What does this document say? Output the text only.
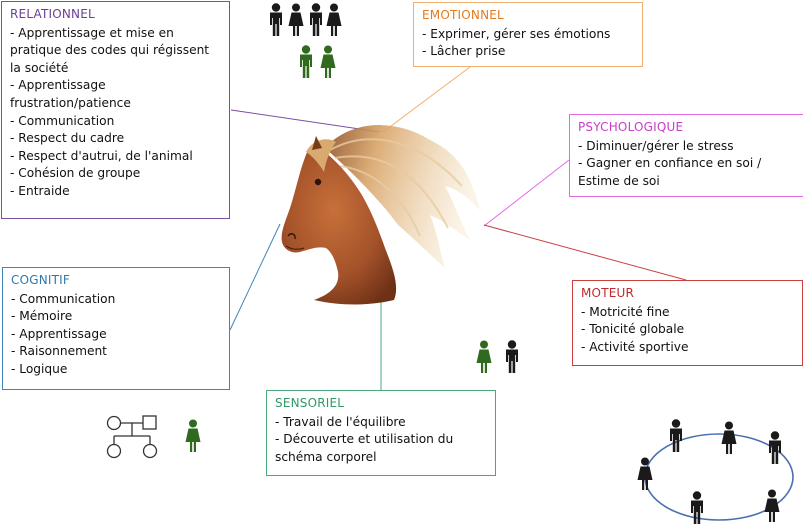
RELATIONNEL
- Apprentissage et mise en pratique des codes qui régissent la société
- Apprentissage frustration/patience
- Communication
- Respect du cadre
- Respect d'autrui, de l'animal
- Cohésion de groupe
- Entraide
EMOTIONNEL
- Exprimer, gérer ses émotions
- Lâcher prise
PSYCHOLOGIQUE
- Diminuer/gérer le stress
- Gagner en confiance en soi / Estime de soi
COGNITIF
- Communication
- Mémoire
- Apprentissage
- Raisonnement
- Logique
MOTEUR
- Motricité fine
- Tonicité globale
- Activité sportive
SENSORIEL
- Travail de l'équilibre
- Découverte et utilisation du schéma corporel
